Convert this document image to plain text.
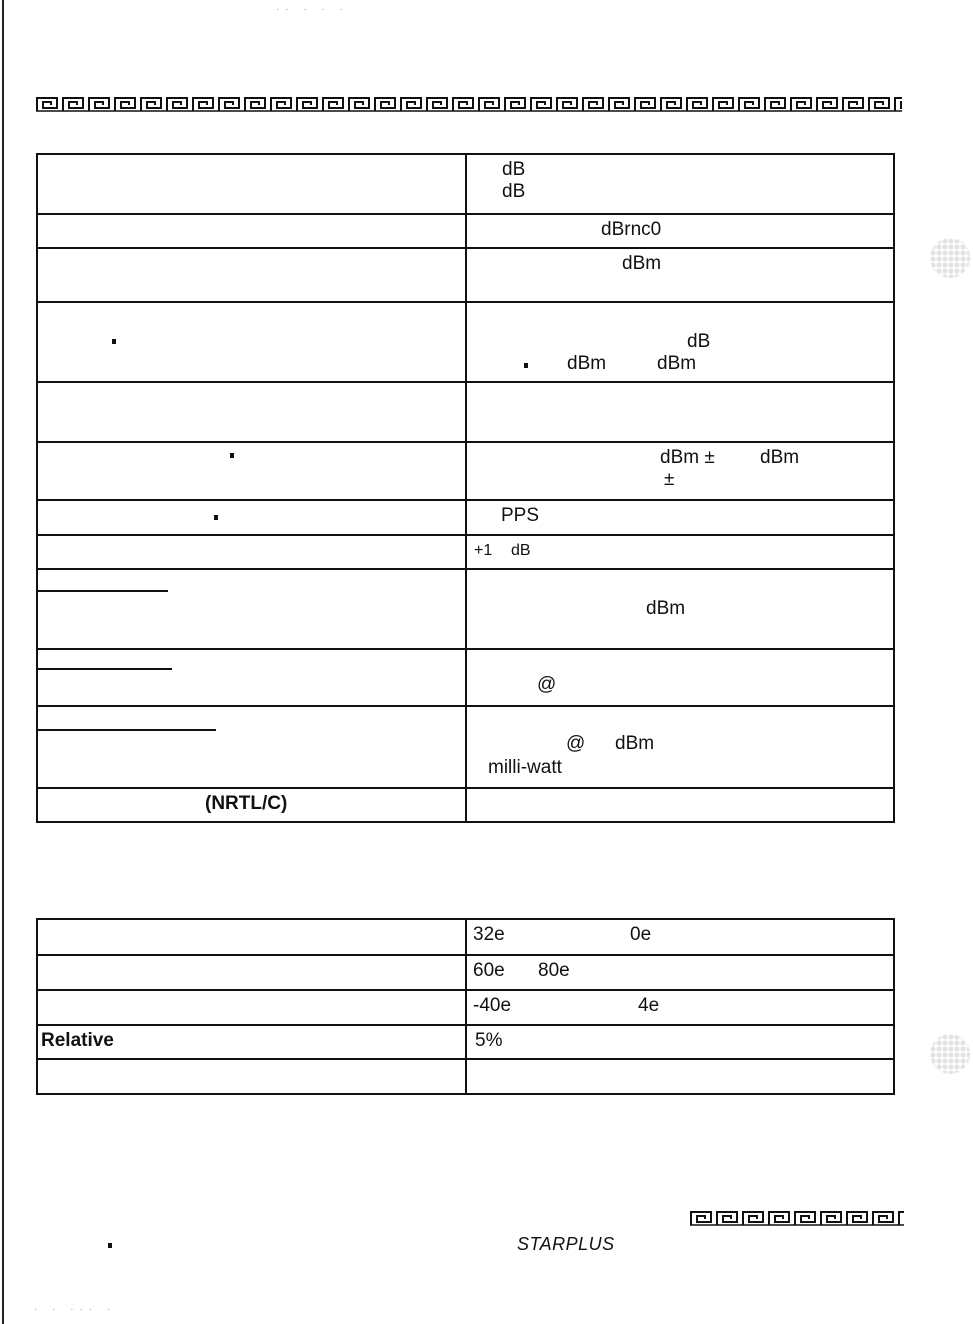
·· · · ·
· · ··· ·

	dB
dB

	dBrnc0

	dBm

	dB
dBm dBm

	dBm ± dBm
±

	PPS

	+1 dB

	dBm

	@

	@ dBm
milli-watt

(NRTL/C)	

	32e 0e

	60e 80e

	-40e 4e

Relative	5%

STARPLUS
